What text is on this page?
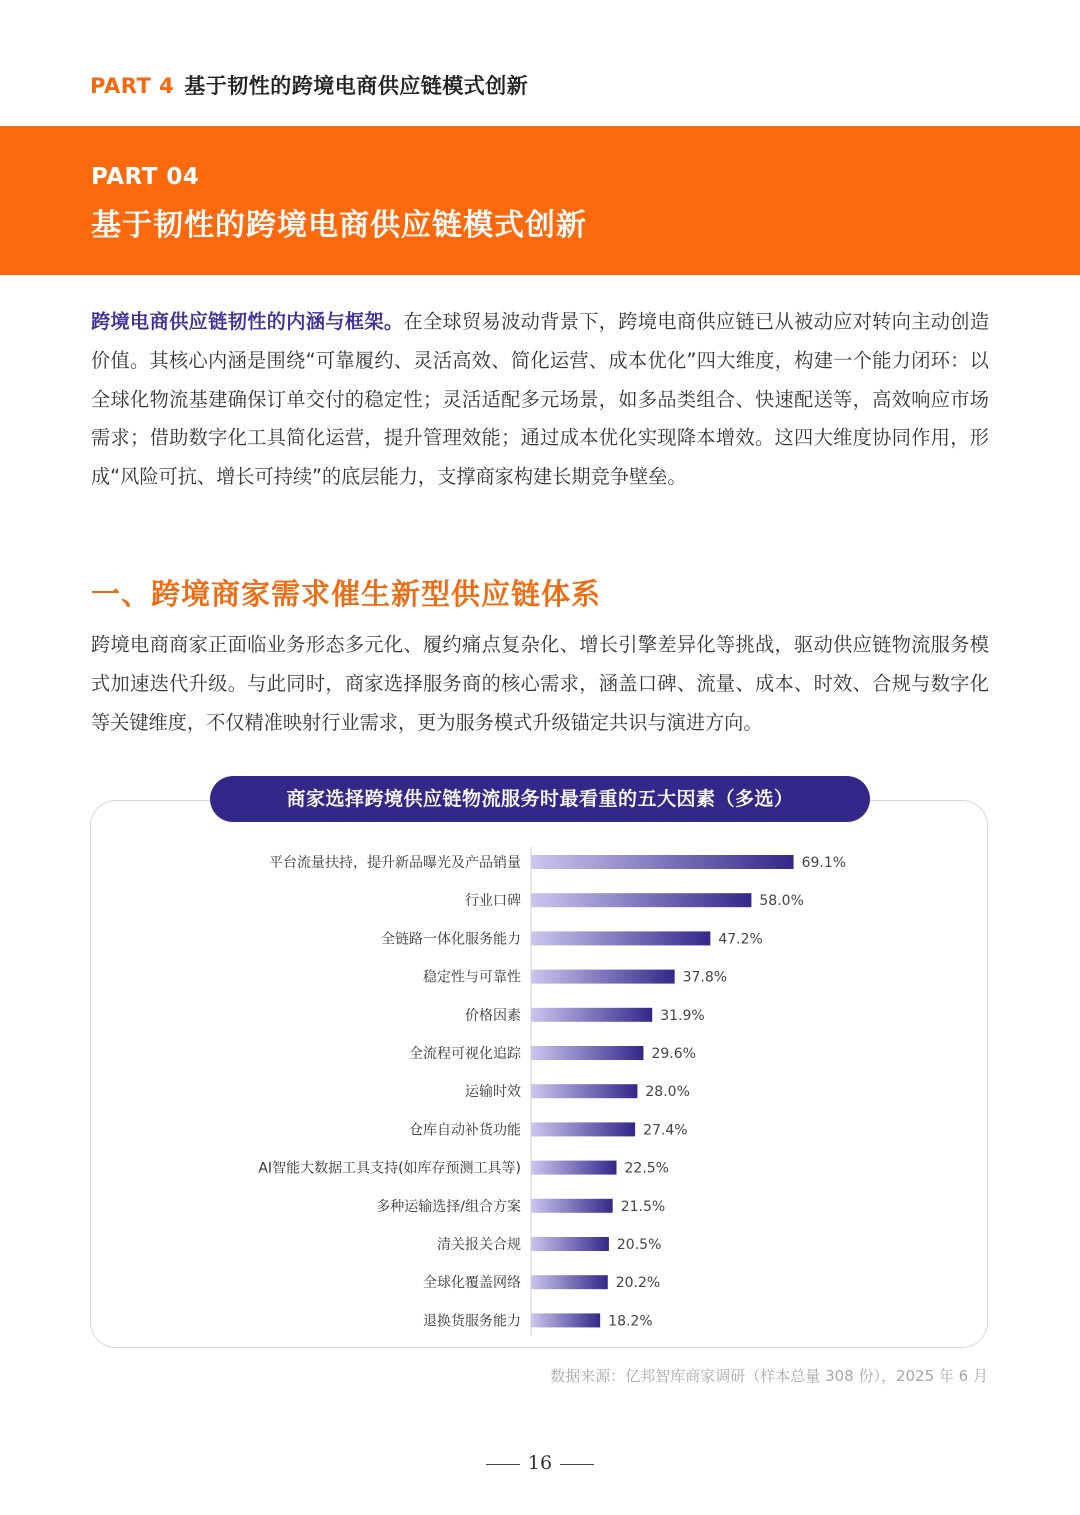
PART 4 基于韧性的跨境电商供应链模式创新
PART 04
基于韧性的跨境电商供应链模式创新
跨境电商供应链韧性的内涵与框架。在全球贸易波动背景下，跨境电商供应链已从被动应对转向主动创造价值。其核心内涵是围绕“可靠履约、灵活高效、简化运营、成本优化”四大维度，构建一个能力闭环：以全球化物流基建确保订单交付的稳定性；灵活适配多元场景，如多品类组合、快速配送等，高效响应市场需求；借助数字化工具简化运营，提升管理效能；通过成本优化实现降本增效。这四大维度协同作用，形成“风险可抗、增长可持续”的底层能力，支撑商家构建长期竞争壁垒。
一、跨境商家需求催生新型供应链体系
跨境电商商家正面临业务形态多元化、履约痛点复杂化、增长引擎差异化等挑战，驱动供应链物流服务模式加速迭代升级。与此同时，商家选择服务商的核心需求，涵盖口碑、流量、成本、时效、合规与数字化等关键维度，不仅精准映射行业需求，更为服务模式升级锚定共识与演进方向。
商家选择跨境供应链物流服务时最看重的五大因素（多选）
平台流量扶持，提升新品曝光及产品销量	69.1%
行业口碑	58.0%
全链路一体化服务能力	47.2%
稳定性与可靠性	37.8%
价格因素	31.9%
全流程可视化追踪	29.6%
运输时效	28.0%
仓库自动补货功能	27.4%
AI智能大数据工具支持(如库存预测工具等)	22.5%
多种运输选择/组合方案	21.5%
清关报关合规	20.5%
全球化覆盖网络	20.2%
退换货服务能力	18.2%
数据来源：亿邦智库商家调研（样本总量 308 份），2025 年 6 月
16
